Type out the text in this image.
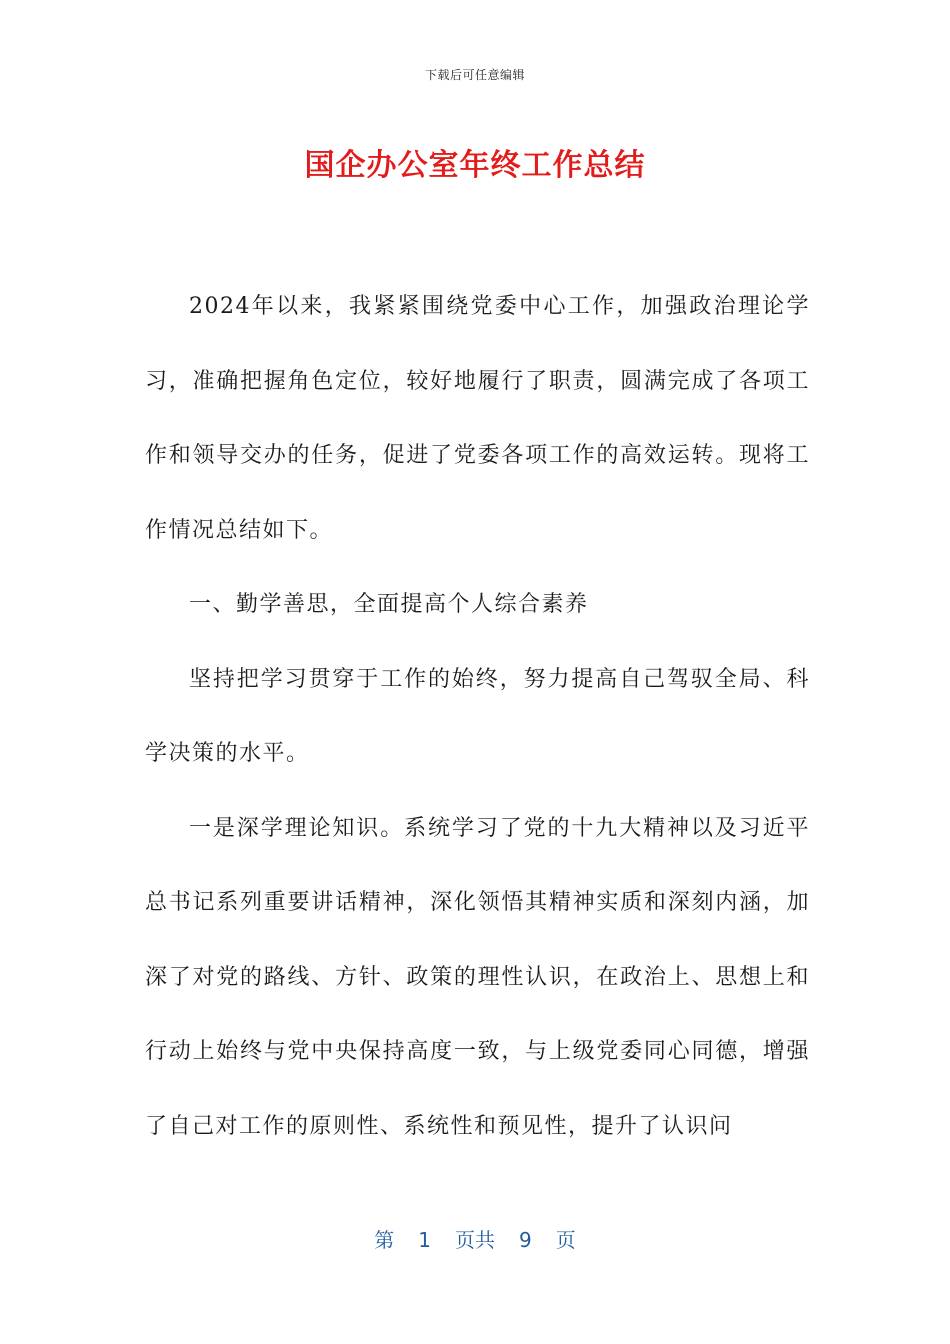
下载后可任意编辑
国企办公室年终工作总结

2024年以来，我紧紧围绕党委中心工作，加强政治理论学习，准确把握角色定位，较好地履行了职责，圆满完成了各项工作和领导交办的任务，促进了党委各项工作的高效运转。现将工作情况总结如下。

一、勤学善思，全面提高个人综合素养

坚持把学习贯穿于工作的始终，努力提高自己驾驭全局、科学决策的水平。

一是深学理论知识。系统学习了党的十九大精神以及习近平总书记系列重要讲话精神，深化领悟其精神实质和深刻内涵，加深了对党的路线、方针、政策的理性认识，在政治上、思想上和行动上始终与党中央保持高度一致，与上级党委同心同德，增强了自己对工作的原则性、系统性和预见性，提升了认识问

第 1 页共 9 页
